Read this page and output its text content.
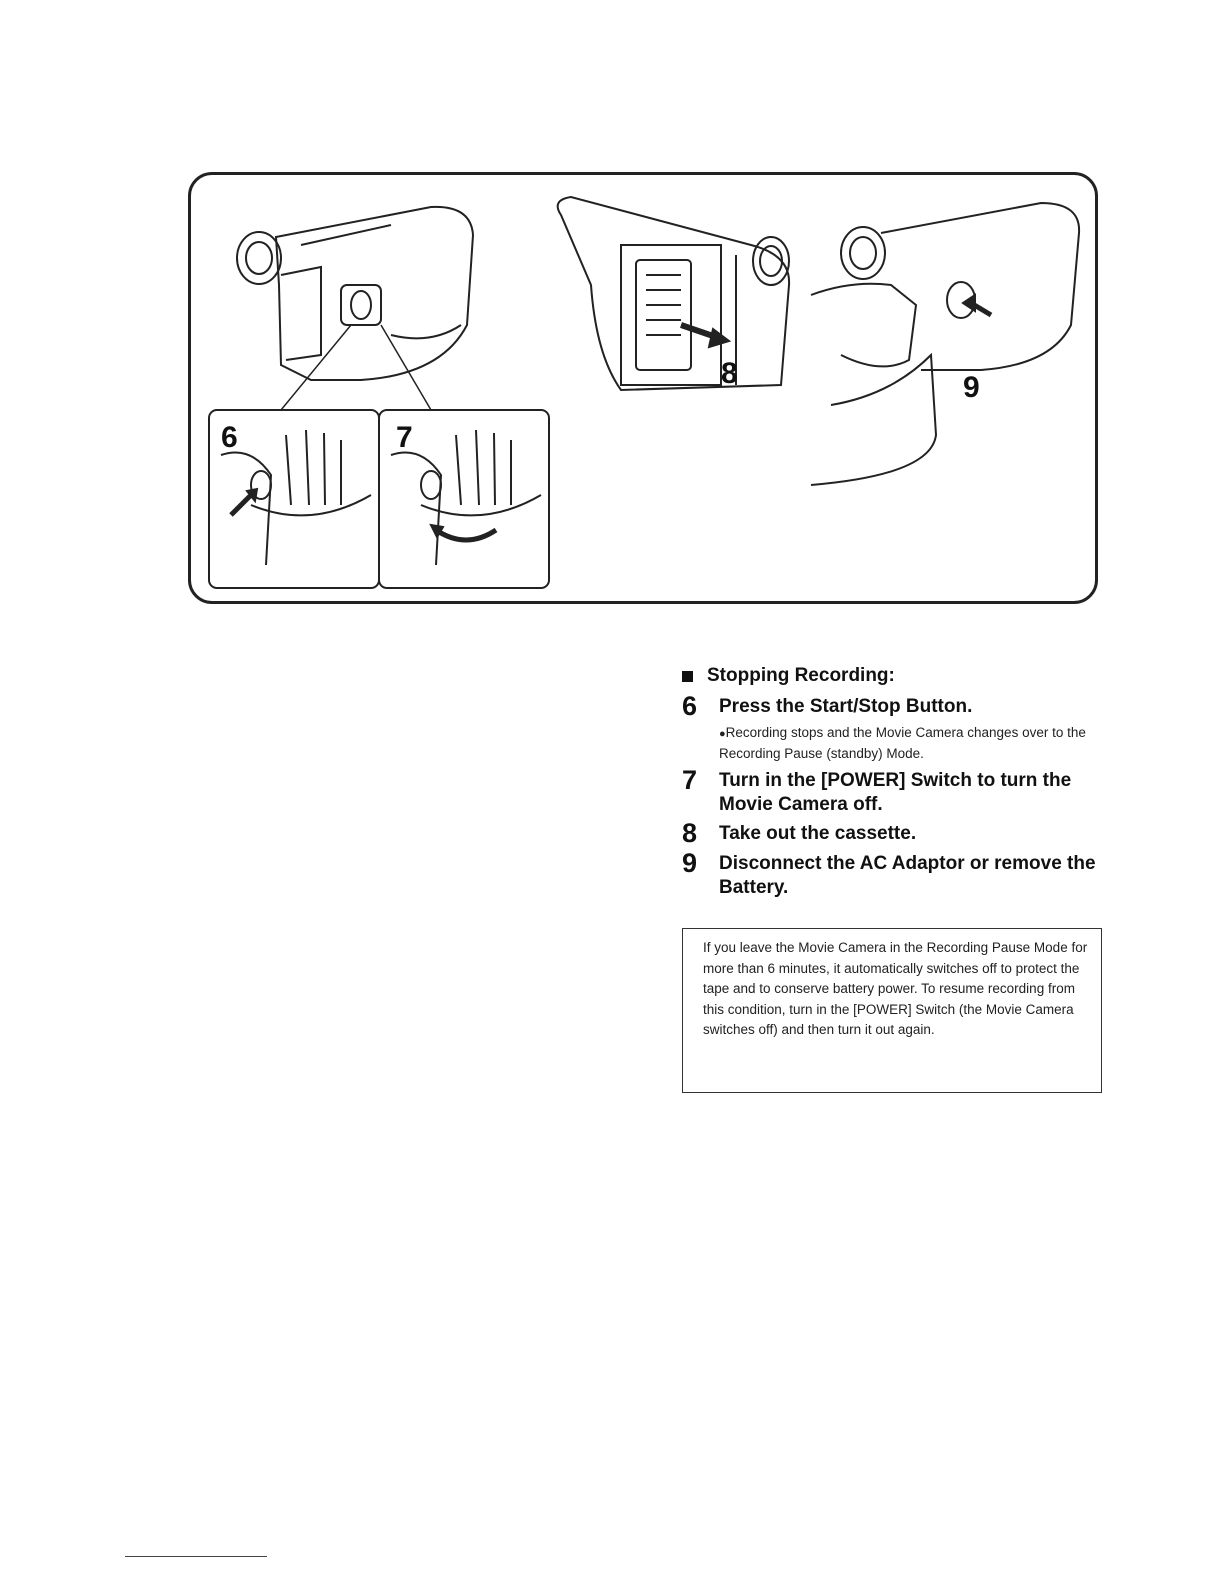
6	7
8	9
Stopping Recording:
6	Press the Start/Stop Button.
●Recording stops and the Movie Camera changes over to the Recording Pause (standby) Mode.
7	Turn in the [POWER] Switch to turn the Movie Camera off.
8	Take out the cassette.
9	Disconnect the AC Adaptor or remove the Battery.
If you leave the Movie Camera in the Recording Pause Mode for more than 6 minutes, it automatically switches off to protect the tape and to conserve battery power. To resume recording from this condition, turn in the [POWER] Switch (the Movie Camera switches off) and then turn it out again.
